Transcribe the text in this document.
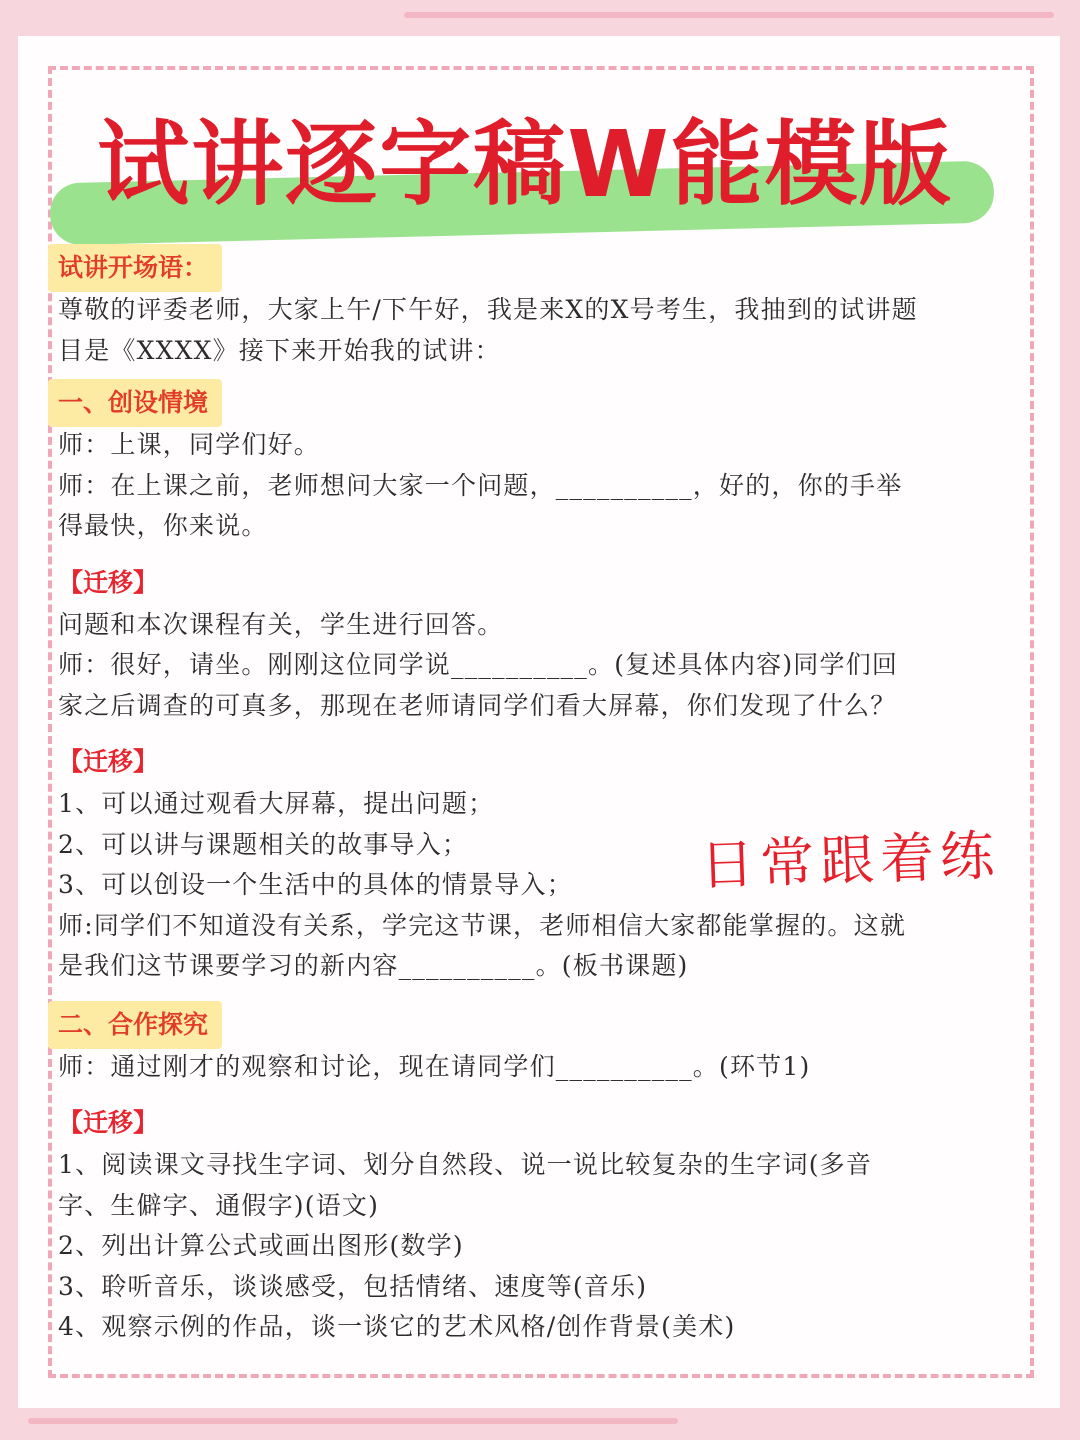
试讲逐字稿W能模版
日常跟着练
试讲开场语：
尊敬的评委老师，大家上午/下午好，我是来X的X号考生，我抽到的试讲题
目是《XXXX》接下来开始我的试讲：
一、创设情境
师：上课，同学们好。
师：在上课之前，老师想问大家一个问题，__________，好的，你的手举
得最快，你来说。
【迁移】
问题和本次课程有关，学生进行回答。
师：很好，请坐。刚刚这位同学说__________。(复述具体内容)同学们回
家之后调查的可真多，那现在老师请同学们看大屏幕，你们发现了什么？
【迁移】
1、可以通过观看大屏幕，提出问题；
2、可以讲与课题相关的故事导入；
3、可以创设一个生活中的具体的情景导入；
师:同学们不知道没有关系，学完这节课，老师相信大家都能掌握的。这就
是我们这节课要学习的新内容__________。(板书课题)
二、合作探究
师：通过刚才的观察和讨论，现在请同学们__________。(环节1)
【迁移】
1、阅读课文寻找生字词、划分自然段、说一说比较复杂的生字词(多音
字、生僻字、通假字)(语文)
2、列出计算公式或画出图形(数学)
3、聆听音乐，谈谈感受，包括情绪、速度等(音乐)
4、观察示例的作品，谈一谈它的艺术风格/创作背景(美术)
